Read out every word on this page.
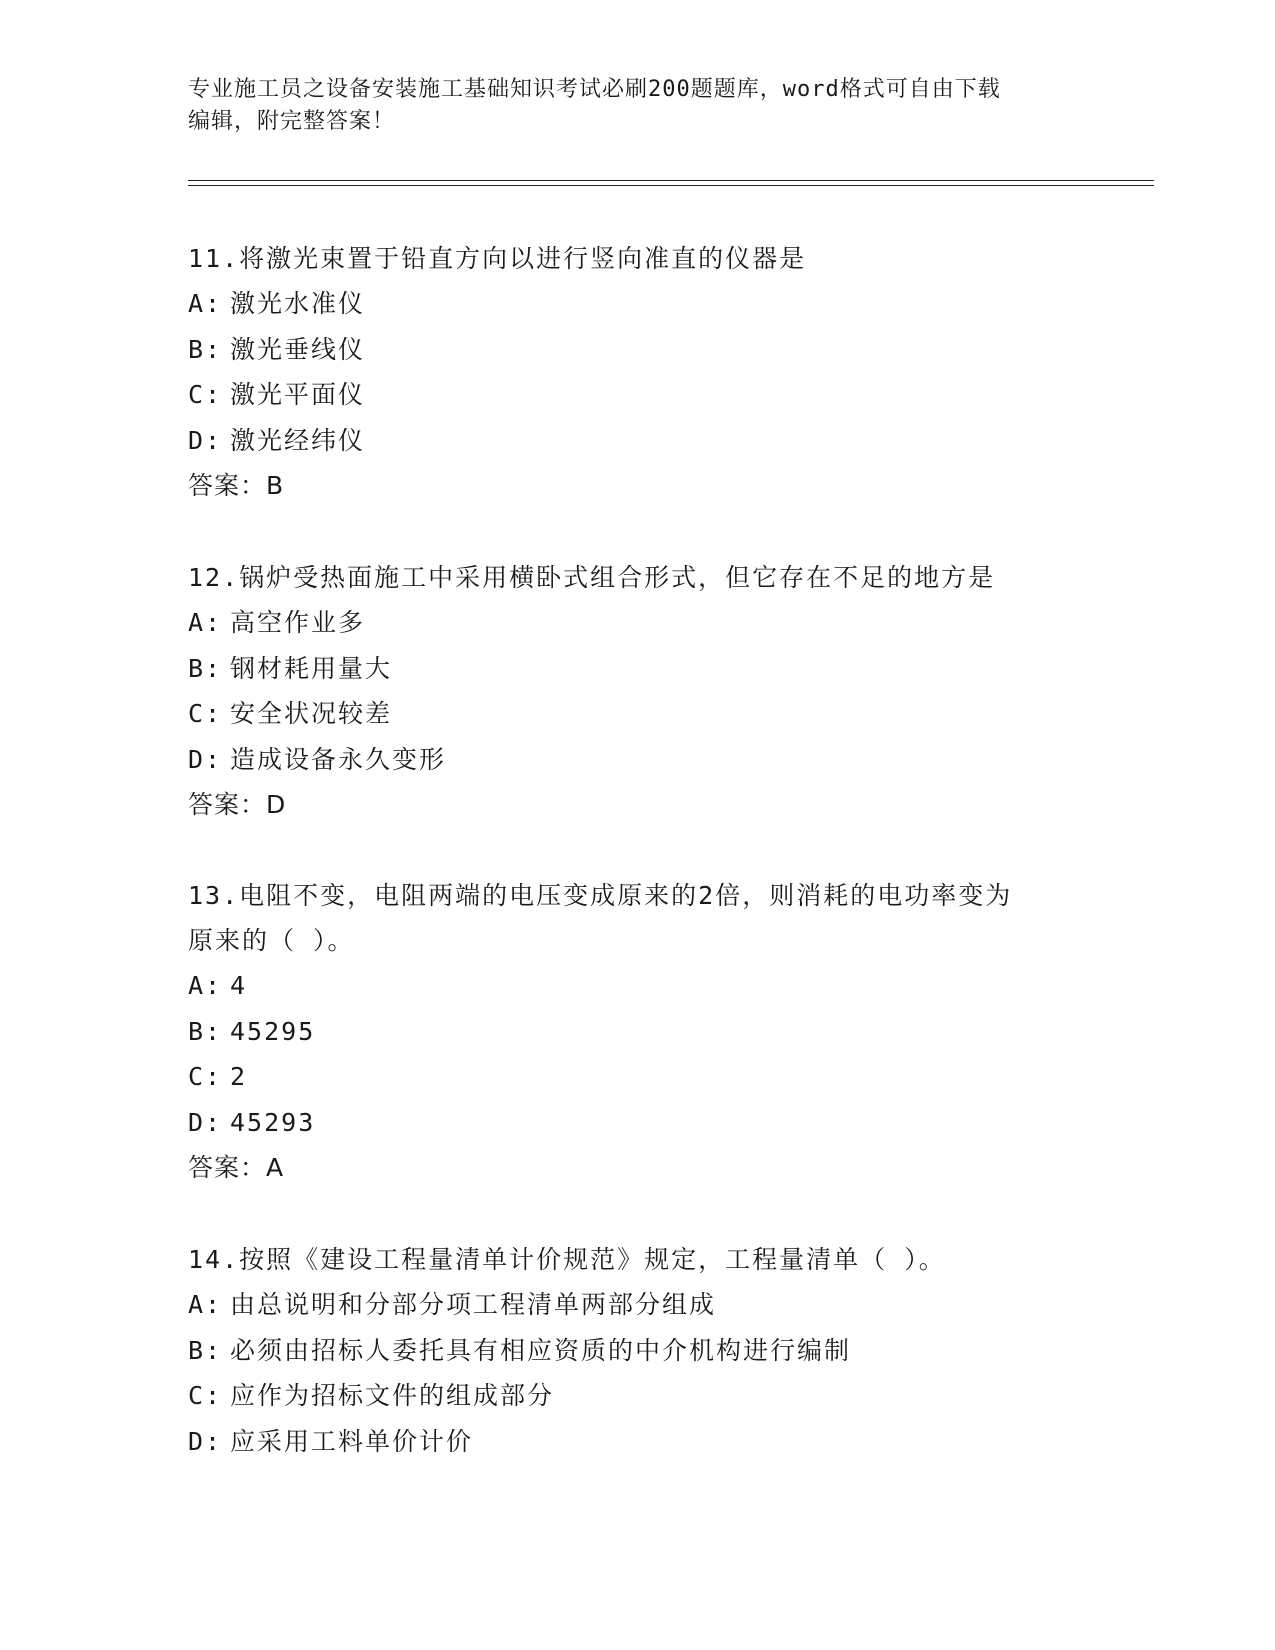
专业施工员之设备安装施工基础知识考试必刷200题题库，word格式可自由下载
编辑，附完整答案！

11.将激光束置于铅直方向以进行竖向准直的仪器是

A: 激光水准仪

B: 激光垂线仪

C: 激光平面仪

D: 激光经纬仪

答案：B

12.锅炉受热面施工中采用横卧式组合形式，但它存在不足的地方是

A: 高空作业多

B: 钢材耗用量大

C: 安全状况较差

D: 造成设备永久变形

答案：D

13.电阻不变，电阻两端的电压变成原来的2倍，则消耗的电功率变为

原来的（ ）。

A: 4

B: 45295

C: 2

D: 45293

答案：A

14.按照《建设工程量清单计价规范》规定，工程量清单（ ）。

A: 由总说明和分部分项工程清单两部分组成

B: 必须由招标人委托具有相应资质的中介机构进行编制

C: 应作为招标文件的组成部分

D: 应采用工料单价计价
